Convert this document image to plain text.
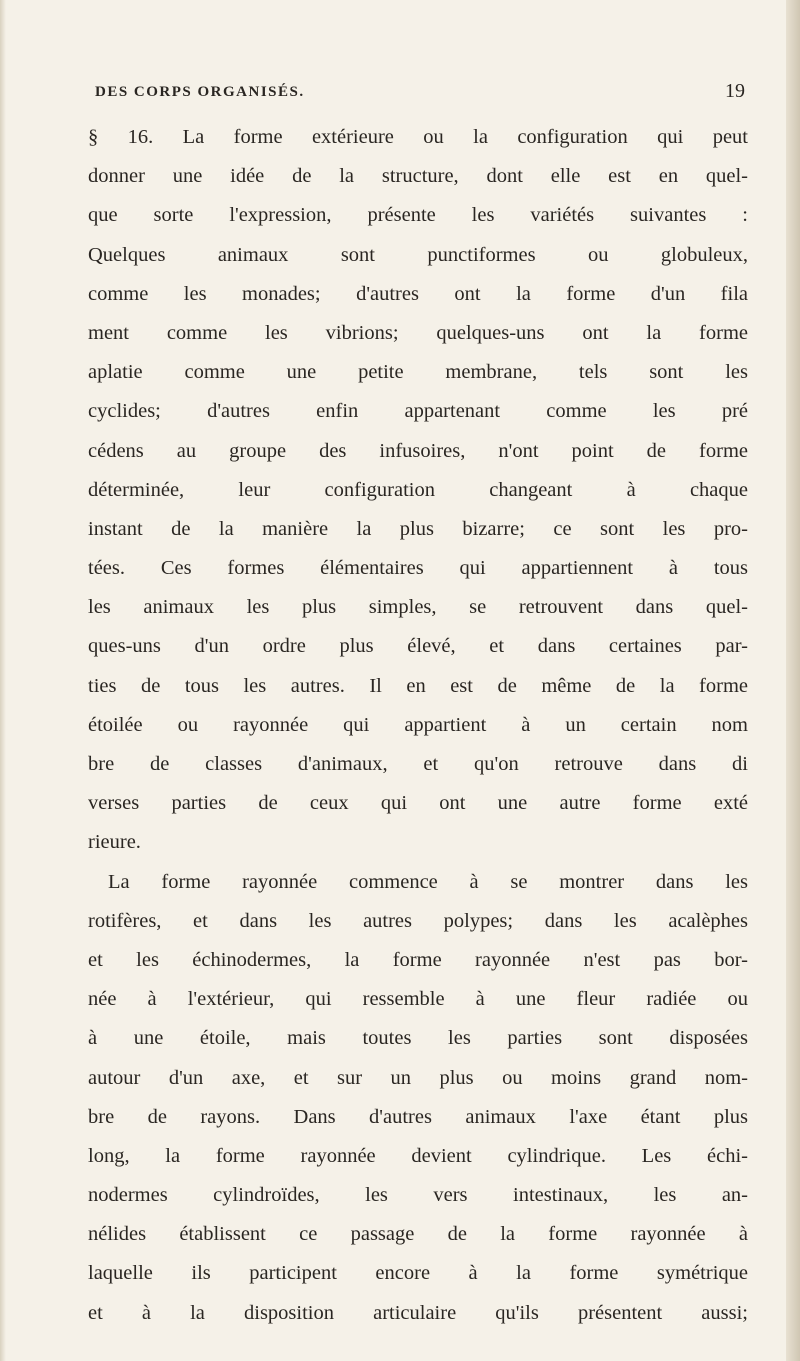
DES CORPS ORGANISÉS.	19
§ 16. La forme extérieure ou la configuration qui peut
donner une idée de la structure, dont elle est en quel-
que sorte l'expression, présente les variétés suivantes :
Quelques animaux sont punctiformes ou globuleux,
comme les monades; d'autres ont la forme d'un fila
ment comme les vibrions; quelques-uns ont la forme
aplatie comme une petite membrane, tels sont les
cyclides; d'autres enfin appartenant comme les pré
cédens au groupe des infusoires, n'ont point de forme
déterminée, leur configuration changeant à chaque
instant de la manière la plus bizarre; ce sont les pro-
tées. Ces formes élémentaires qui appartiennent à tous
les animaux les plus simples, se retrouvent dans quel-
ques-uns d'un ordre plus élevé, et dans certaines par-
ties de tous les autres. Il en est de même de la forme
étoilée ou rayonnée qui appartient à un certain nom
bre de classes d'animaux, et qu'on retrouve dans di
verses parties de ceux qui ont une autre forme exté
rieure.
La forme rayonnée commence à se montrer dans les
rotifères, et dans les autres polypes; dans les acalèphes
et les échinodermes, la forme rayonnée n'est pas bor-
née à l'extérieur, qui ressemble à une fleur radiée ou
à une étoile, mais toutes les parties sont disposées
autour d'un axe, et sur un plus ou moins grand nom-
bre de rayons. Dans d'autres animaux l'axe étant plus
long, la forme rayonnée devient cylindrique. Les échi-
nodermes cylindroïdes, les vers intestinaux, les an-
nélides établissent ce passage de la forme rayonnée à
laquelle ils participent encore à la forme symétrique
et à la disposition articulaire qu'ils présentent aussi;
